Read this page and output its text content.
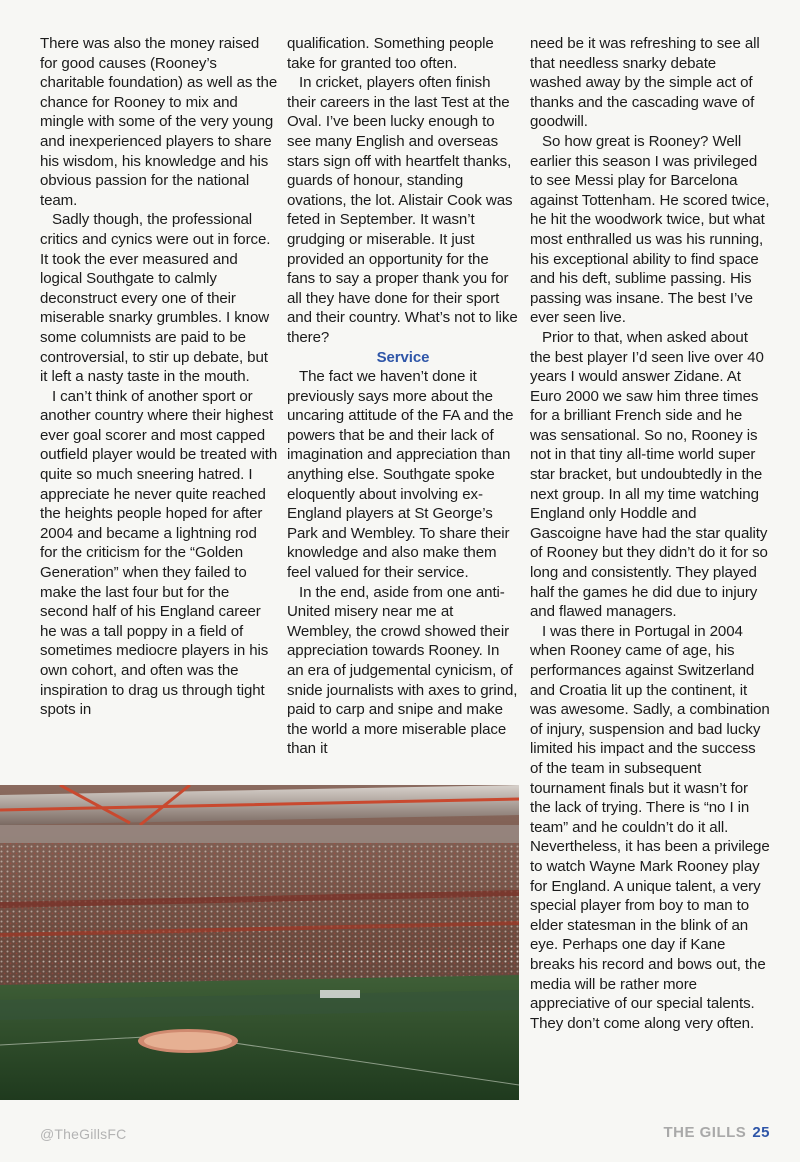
There was also the money raised for good causes (Rooney’s charitable foundation) as well as the chance for Rooney to mix and mingle with some of the very young and inexperienced players to share his wisdom, his knowledge and his obvious passion for the national team.

Sadly though, the professional critics and cynics were out in force. It took the ever measured and logical Southgate to calmly deconstruct every one of their miserable snarky grumbles. I know some columnists are paid to be controversial, to stir up debate, but it left a nasty taste in the mouth.

I can’t think of another sport or another country where their highest ever goal scorer and most capped outfield player would be treated with quite so much sneering hatred. I appreciate he never quite reached the heights people hoped for after 2004 and became a lightning rod for the criticism for the “Golden Generation” when they failed to make the last four but for the second half of his England career he was a tall poppy in a field of sometimes mediocre players in his own cohort, and often was the inspiration to drag us through tight spots in

qualification. Something people take for granted too often.

In cricket, players often finish their careers in the last Test at the Oval. I’ve been lucky enough to see many English and overseas stars sign off with heartfelt thanks, guards of honour, standing ovations, the lot. Alistair Cook was feted in September. It wasn’t grudging or miserable. It just provided an opportunity for the fans to say a proper thank you for all they have done for their sport and their country. What’s not to like there?

Service

The fact we haven’t done it previously says more about the uncaring attitude of the FA and the powers that be and their lack of imagination and appreciation than anything else. Southgate spoke eloquently about involving ex-England players at St George’s Park and Wembley. To share their knowledge and also make them feel valued for their service.

In the end, aside from one anti-United misery near me at Wembley, the crowd showed their appreciation towards Rooney. In an era of judgemental cynicism, of snide journalists with axes to grind, paid to carp and snipe and make the world a more miserable place than it

need be it was refreshing to see all that needless snarky debate washed away by the simple act of thanks and the cascading wave of goodwill.

So how great is Rooney? Well earlier this season I was privileged to see Messi play for Barcelona against Tottenham. He scored twice, he hit the woodwork twice, but what most enthralled us was his running, his exceptional ability to find space and his deft, sublime passing. His passing was insane. The best I’ve ever seen live.

Prior to that, when asked about the best player I’d seen live over 40 years I would answer Zidane. At Euro 2000 we saw him three times for a brilliant French side and he was sensational. So no, Rooney is not in that tiny all-time world super star bracket, but undoubtedly in the next group. In all my time watching England only Hoddle and Gascoigne have had the star quality of Rooney but they didn’t do it for so long and consistently. They played half the games he did due to injury and flawed managers.

I was there in Portugal in 2004 when Rooney came of age, his performances against Switzerland and Croatia lit up the continent, it was awesome. Sadly, a combination of injury, suspension and bad lucky limited his impact and the success of the team in subsequent tournament finals but it wasn’t for the lack of trying. There is “no I in team” and he couldn’t do it all. Nevertheless, it has been a privilege to watch Wayne Mark Rooney play for England. A unique talent, a very special player from boy to man to elder statesman in the blink of an eye. Perhaps one day if Kane breaks his record and bows out, the media will be rather more appreciative of our special talents. They don’t come along very often.

@TheGillsFC	THE GILLS 25
